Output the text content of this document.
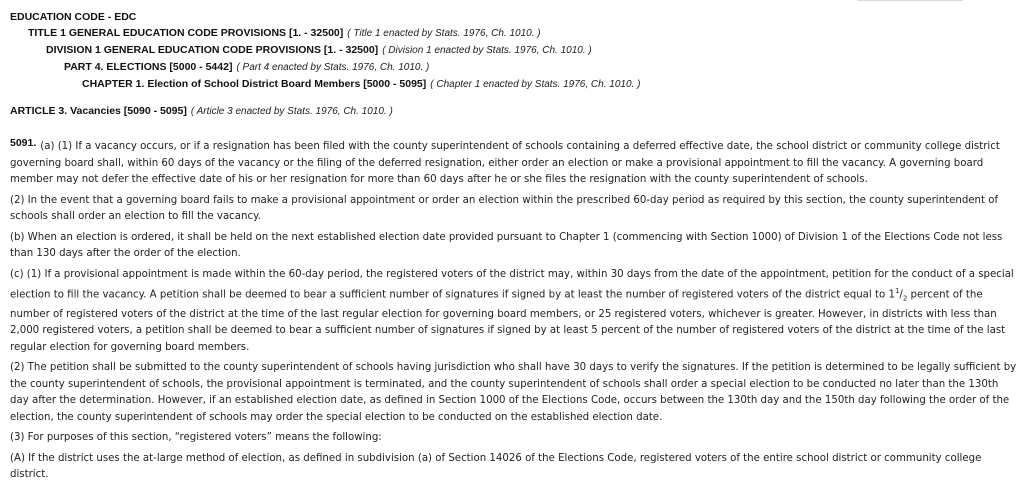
EDUCATION CODE - EDC
TITLE 1 GENERAL EDUCATION CODE PROVISIONS [1. - 32500] ( Title 1 enacted by Stats. 1976, Ch. 1010. )
DIVISION 1 GENERAL EDUCATION CODE PROVISIONS [1. - 32500] ( Division 1 enacted by Stats. 1976, Ch. 1010. )
PART 4. ELECTIONS [5000 - 5442] ( Part 4 enacted by Stats. 1976, Ch. 1010. )
CHAPTER 1. Election of School District Board Members [5000 - 5095] ( Chapter 1 enacted by Stats. 1976, Ch. 1010. )
ARTICLE 3. Vacancies [5090 - 5095] ( Article 3 enacted by Stats. 1976, Ch. 1010. )

5091. (a) (1) If a vacancy occurs, or if a resignation has been filed with the county superintendent of schools containing a deferred effective date, the school district or community college district governing board shall, within 60 days of the vacancy or the filing of the deferred resignation, either order an election or make a provisional appointment to fill the vacancy. A governing board member may not defer the effective date of his or her resignation for more than 60 days after he or she files the resignation with the county superintendent of schools.

(2) In the event that a governing board fails to make a provisional appointment or order an election within the prescribed 60-day period as required by this section, the county superintendent of schools shall order an election to fill the vacancy.

(b) When an election is ordered, it shall be held on the next established election date provided pursuant to Chapter 1 (commencing with Section 1000) of Division 1 of the Elections Code not less than 130 days after the order of the election.

(c) (1) If a provisional appointment is made within the 60-day period, the registered voters of the district may, within 30 days from the date of the appointment, petition for the conduct of a special election to fill the vacancy. A petition shall be deemed to bear a sufficient number of signatures if signed by at least the number of registered voters of the district equal to $1^1/_2$ percent of the number of registered voters of the district at the time of the last regular election for governing board members, or 25 registered voters, whichever is greater. However, in districts with less than 2,000 registered voters, a petition shall be deemed to bear a sufficient number of signatures if signed by at least 5 percent of the number of registered voters of the district at the time of the last regular election for governing board members.

(2) The petition shall be submitted to the county superintendent of schools having jurisdiction who shall have 30 days to verify the signatures. If the petition is determined to be legally sufficient by the county superintendent of schools, the provisional appointment is terminated, and the county superintendent of schools shall order a special election to be conducted no later than the 130th day after the determination. However, if an established election date, as defined in Section 1000 of the Elections Code, occurs between the 130th day and the 150th day following the order of the election, the county superintendent of schools may order the special election to be conducted on the established election date.

(3) For purposes of this section, “registered voters” means the following:

(A) If the district uses the at-large method of election, as defined in subdivision (a) of Section 14026 of the Elections Code, registered voters of the entire school district or community college district.
